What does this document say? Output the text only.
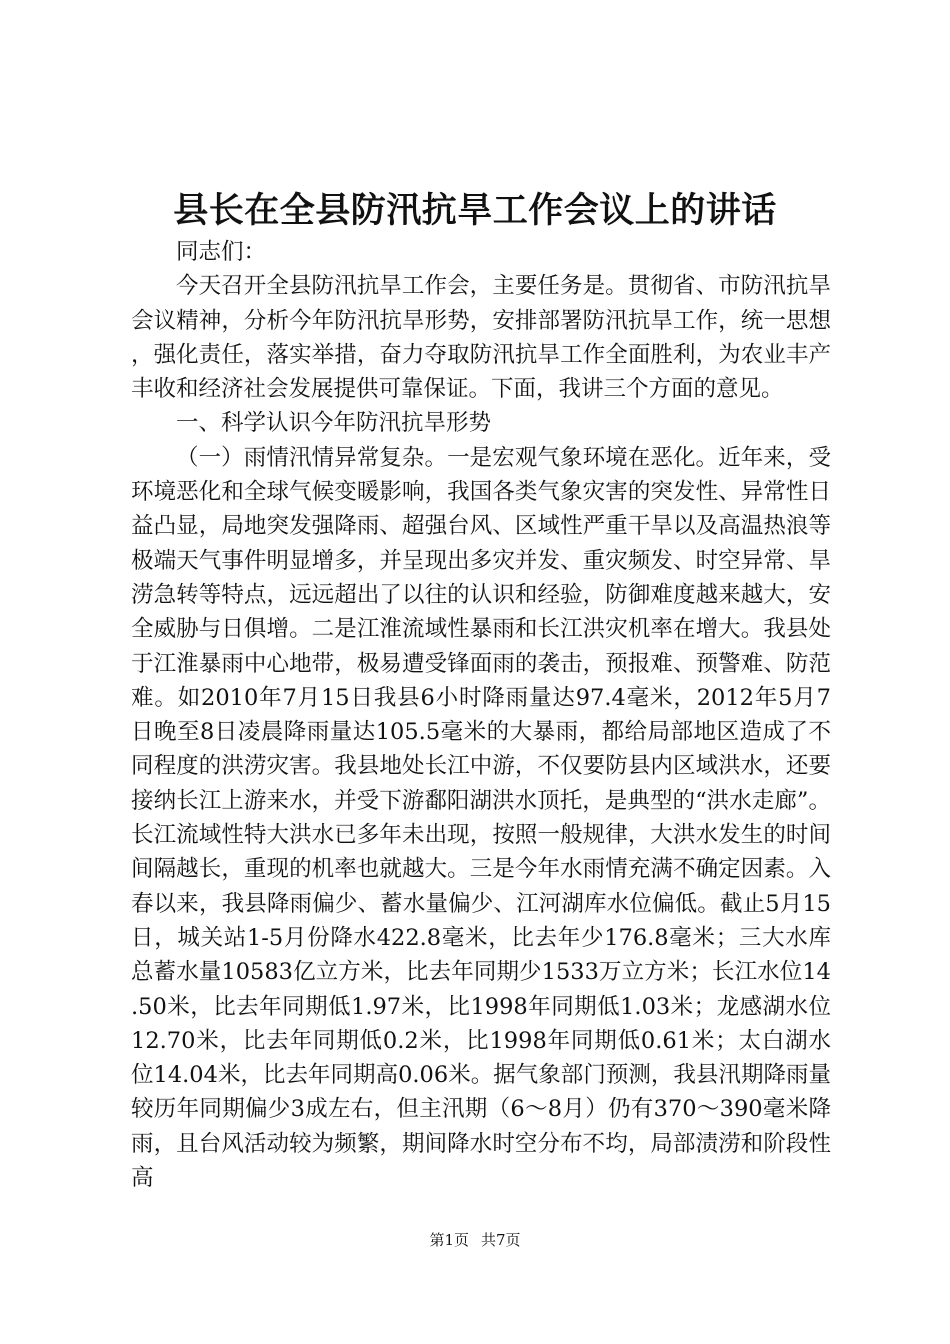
县长在全县防汛抗旱工作会议上的讲话

同志们：

今天召开全县防汛抗旱工作会，主要任务是。贯彻省、市防汛抗旱会议精神，分析今年防汛抗旱形势，安排部署防汛抗旱工作，统一思想，强化责任，落实举措，奋力夺取防汛抗旱工作全面胜利，为农业丰产丰收和经济社会发展提供可靠保证。下面，我讲三个方面的意见。

一、科学认识今年防汛抗旱形势

（一）雨情汛情异常复杂。一是宏观气象环境在恶化。近年来，受环境恶化和全球气候变暖影响，我国各类气象灾害的突发性、异常性日益凸显，局地突发强降雨、超强台风、区域性严重干旱以及高温热浪等极端天气事件明显增多，并呈现出多灾并发、重灾频发、时空异常、旱涝急转等特点，远远超出了以往的认识和经验，防御难度越来越大，安全威胁与日俱增。二是江淮流域性暴雨和长江洪灾机率在增大。我县处于江淮暴雨中心地带，极易遭受锋面雨的袭击，预报难、预警难、防范难。如2010年7月15日我县6小时降雨量达97.4毫米，2012年5月7日晚至8日凌晨降雨量达105.5毫米的大暴雨，都给局部地区造成了不同程度的洪涝灾害。我县地处长江中游，不仅要防县内区域洪水，还要接纳长江上游来水，并受下游鄱阳湖洪水顶托，是典型的“洪水走廊”。长江流域性特大洪水已多年未出现，按照一般规律，大洪水发生的时间间隔越长，重现的机率也就越大。三是今年水雨情充满不确定因素。入春以来，我县降雨偏少、蓄水量偏少、江河湖库水位偏低。截止5月15日，城关站1-5月份降水422.8毫米，比去年少176.8毫米；三大水库总蓄水量10583亿立方米，比去年同期少1533万立方米；长江水位14.50米，比去年同期低1.97米，比1998年同期低1.03米；龙感湖水位12.70米，比去年同期低0.2米，比1998年同期低0.61米；太白湖水位14.04米，比去年同期高0.06米。据气象部门预测，我县汛期降雨量较历年同期偏少3成左右，但主汛期（6～8月）仍有370～390毫米降雨，且台风活动较为频繁，期间降水时空分布不均，局部渍涝和阶段性高

第1页 共7页
